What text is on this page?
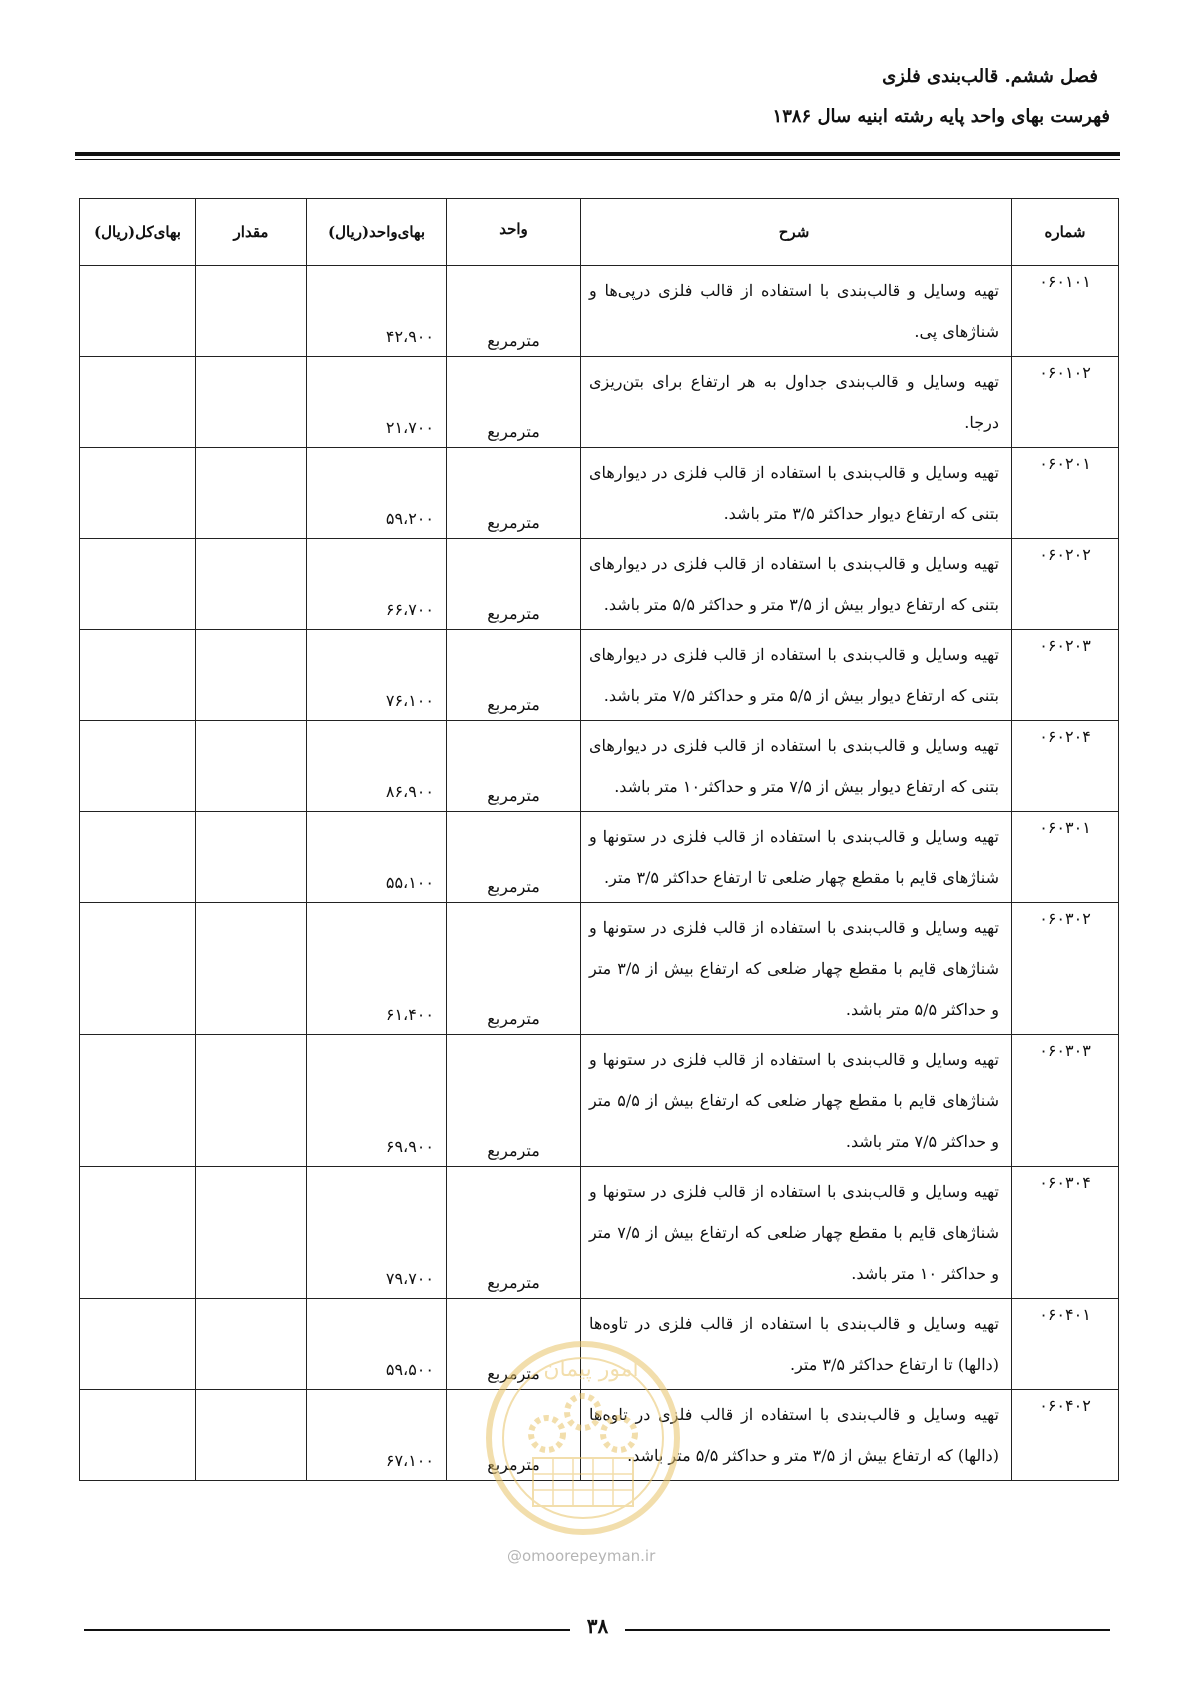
فصل ششم. قالب‌بندی فلزی
فهرست بهای واحد پایه رشته ابنیه سال ۱۳۸۶
شماره	شرح	واحد	بهای‌واحد(ریال)	مقدار	بهای‌کل(ریال)
۰۶۰۱۰۱	تهیه وسایل و قالب‌بندی با استفاده از قالب فلزی درپی‌ها و شناژهای پی.	مترمربع	۴۲،۹۰۰		
۰۶۰۱۰۲	تهیه وسایل و قالب‌بندی جداول به هر ارتفاع برای بتن‌ریزی درجا.	مترمربع	۲۱،۷۰۰		
۰۶۰۲۰۱	تهیه وسایل و قالب‌بندی با استفاده از قالب فلزی در دیوارهای بتنی که ارتفاع دیوار حداکثر ۳/۵ متر باشد.	مترمربع	۵۹،۲۰۰		
۰۶۰۲۰۲	تهیه وسایل و قالب‌بندی با استفاده از قالب فلزی در دیوارهای بتنی که ارتفاع دیوار بیش از ۳/۵ متر و حداکثر ۵/۵ متر باشد.	مترمربع	۶۶،۷۰۰		
۰۶۰۲۰۳	تهیه وسایل و قالب‌بندی با استفاده از قالب فلزی در دیوارهای بتنی که ارتفاع دیوار بیش از ۵/۵ متر و حداکثر ۷/۵ متر باشد.	مترمربع	۷۶،۱۰۰		
۰۶۰۲۰۴	تهیه وسایل و قالب‌بندی با استفاده از قالب فلزی در دیوارهای بتنی که ارتفاع دیوار بیش از ۷/۵ متر و حداکثر۱۰ متر باشد.	مترمربع	۸۶،۹۰۰		
۰۶۰۳۰۱	تهیه وسایل و قالب‌بندی با استفاده از قالب فلزی در ستونها و شناژهای قایم با مقطع چهار ضلعی تا ارتفاع حداکثر ۳/۵ متر.	مترمربع	۵۵،۱۰۰		
۰۶۰۳۰۲	تهیه وسایل و قالب‌بندی با استفاده از قالب فلزی در ستونها و شناژهای قایم با مقطع چهار ضلعی که ارتفاع بیش از ۳/۵ متر و حداکثر ۵/۵ متر باشد.	مترمربع	۶۱،۴۰۰		
۰۶۰۳۰۳	تهیه وسایل و قالب‌بندی با استفاده از قالب فلزی در ستونها و شناژهای قایم با مقطع چهار ضلعی که ارتفاع بیش از ۵/۵ متر و حداکثر ۷/۵ متر باشد.	مترمربع	۶۹،۹۰۰		
۰۶۰۳۰۴	تهیه وسایل و قالب‌بندی با استفاده از قالب فلزی در ستونها و شناژهای قایم با مقطع چهار ضلعی که ارتفاع بیش از ۷/۵ متر و حداکثر ۱۰ متر باشد.	مترمربع	۷۹،۷۰۰		
۰۶۰۴۰۱	تهیه وسایل و قالب‌بندی با استفاده از قالب فلزی در تاوه‌ها (دالها) تا ارتفاع حداکثر ۳/۵ متر.	مترمربع	۵۹،۵۰۰		
۰۶۰۴۰۲	تهیه وسایل و قالب‌بندی با استفاده از قالب فلزی در تاوه‌ها (دالها) که ارتفاع بیش از ۳/۵ متر و حداکثر ۵/۵ متر باشد.	مترمربع	۶۷،۱۰۰		
امور پیمان
@omoorepeyman.ir
۳۸
